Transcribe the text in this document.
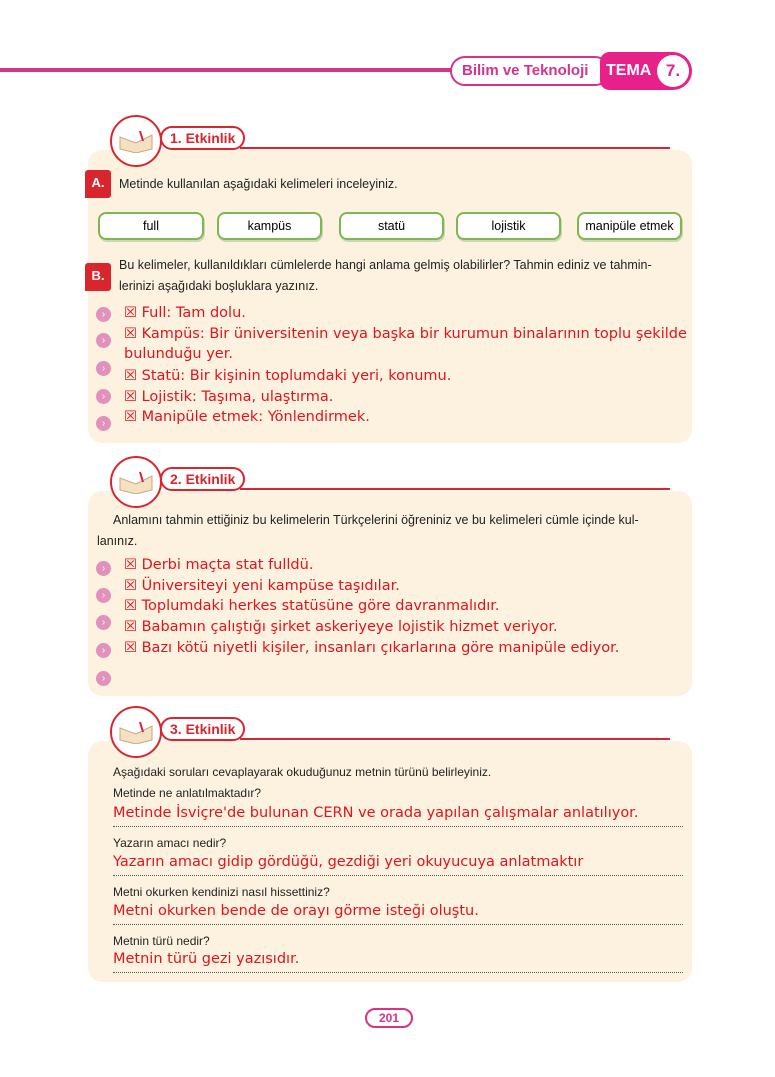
Bilim ve Teknoloji	TEMA 7.
1. Etkinlik
A.	Metinde kullanılan aşağıdaki kelimeleri inceleyiniz.
full	kampüs	statü	lojistik	manipüle etmek
B.
Bu kelimeler, kullanıldıkları cümlelerde hangi anlama gelmiş olabilirler? Tahmin ediniz ve tahmin-
lerinizi aşağıdaki boşluklara yazınız.
›
›
›
›
›
☒ Full: Tam dolu.
☒ Kampüs: Bir üniversitenin veya başka bir kurumun binalarının toplu şekilde
bulunduğu yer.
☒ Statü: Bir kişinin toplumdaki yeri, konumu.
☒ Lojistik: Taşıma, ulaştırma.
☒ Manipüle etmek: Yönlendirmek.
2. Etkinlik
Anlamını tahmin ettiğiniz bu kelimelerin Türkçelerini öğreniniz ve bu kelimeleri cümle içinde kul-
lanınız.
›
›
›
›
›
☒ Derbi maçta stat fulldü.
☒ Üniversiteyi yeni kampüse taşıdılar.
☒ Toplumdaki herkes statüsüne göre davranmalıdır.
☒ Babamın çalıştığı şirket askeriyeye lojistik hizmet veriyor.
☒ Bazı kötü niyetli kişiler, insanları çıkarlarına göre manipüle ediyor.
3. Etkinlik
Aşağıdaki soruları cevaplayarak okuduğunuz metnin türünü belirleyiniz.
Metinde ne anlatılmaktadır?
Metinde İsviçre'de bulunan CERN ve orada yapılan çalışmalar anlatılıyor.
Yazarın amacı nedir?
Yazarın amacı gidip gördüğü, gezdiği yeri okuyucuya anlatmaktır
Metni okurken kendinizi nasıl hissettiniz?
Metni okurken bende de orayı görme isteği oluştu.
Metnin türü nedir?
Metnin türü gezi yazısıdır.
201
